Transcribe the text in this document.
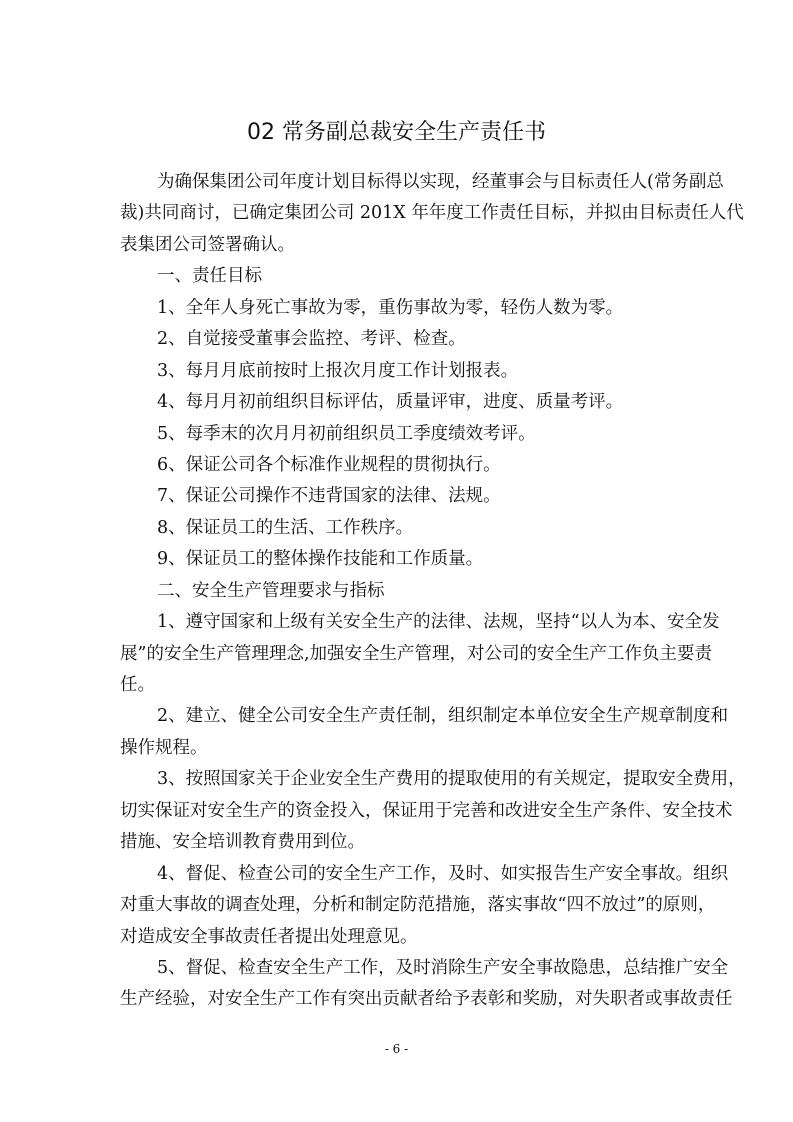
02 常务副总裁安全生产责任书
为确保集团公司年度计划目标得以实现，经董事会与目标责任人(常务副总
裁)共同商讨，已确定集团公司 201X 年年度工作责任目标，并拟由目标责任人代
表集团公司签署确认。
一、责任目标
1、全年人身死亡事故为零，重伤事故为零，轻伤人数为零。
2、自觉接受董事会监控、考评、检查。
3、每月月底前按时上报次月度工作计划报表。
4、每月月初前组织目标评估，质量评审，进度、质量考评。
5、每季末的次月月初前组织员工季度绩效考评。
6、保证公司各个标准作业规程的贯彻执行。
7、保证公司操作不违背国家的法律、法规。
8、保证员工的生活、工作秩序。
9、保证员工的整体操作技能和工作质量。
二、安全生产管理要求与指标
1、遵守国家和上级有关安全生产的法律、法规，坚持“以人为本、安全发
展”的安全生产管理理念,加强安全生产管理，对公司的安全生产工作负主要责
任。
2、建立、健全公司安全生产责任制，组织制定本单位安全生产规章制度和
操作规程。
3、按照国家关于企业安全生产费用的提取使用的有关规定，提取安全费用，
切实保证对安全生产的资金投入，保证用于完善和改进安全生产条件、安全技术
措施、安全培训教育费用到位。
4、督促、检查公司的安全生产工作，及时、如实报告生产安全事故。组织
对重大事故的调查处理，分析和制定防范措施，落实事故“四不放过”的原则，
对造成安全事故责任者提出处理意见。
5、督促、检查安全生产工作，及时消除生产安全事故隐患，总结推广安全
生产经验，对安全生产工作有突出贡献者给予表彰和奖励，对失职者或事故责任
- 6 -
